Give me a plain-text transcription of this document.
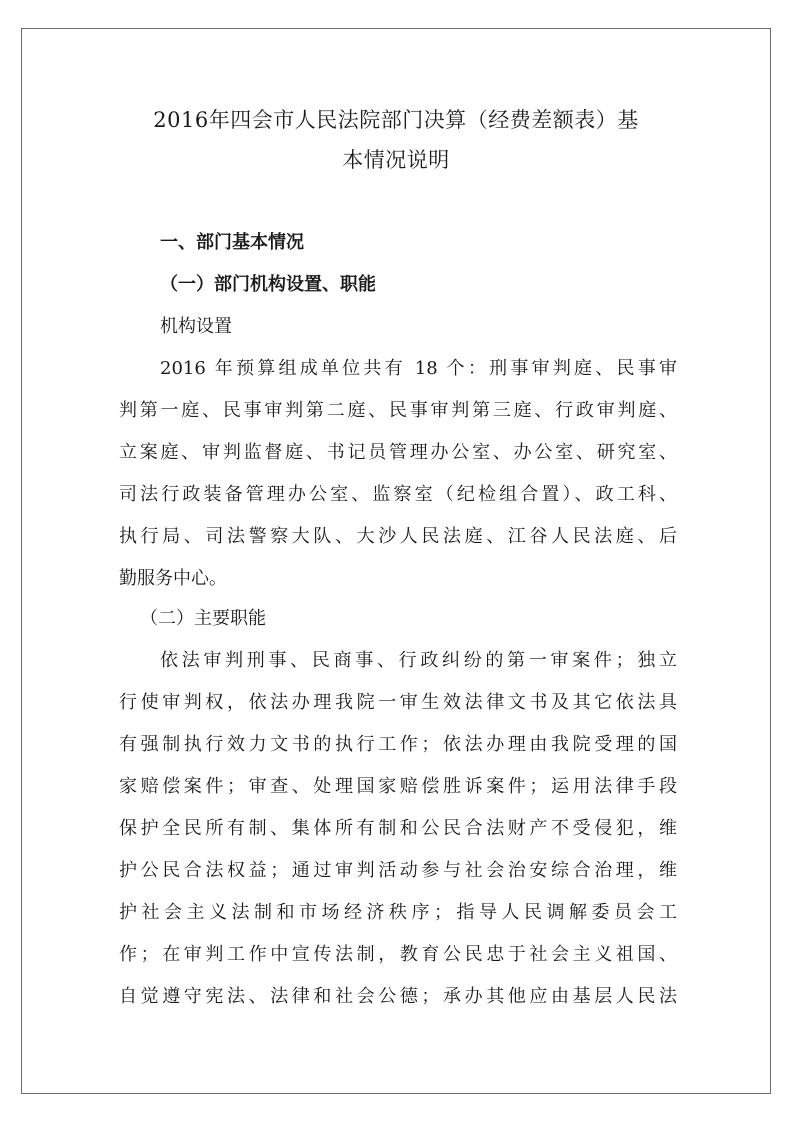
2016年四会市人民法院部门决算（经费差额表）基
本情况说明
一、部门基本情况
（一）部门机构设置、职能
机构设置
2016 年预算组成单位共有 18 个：刑事审判庭、民事审
判第一庭、民事审判第二庭、民事审判第三庭、行政审判庭、
立案庭、审判监督庭、书记员管理办公室、办公室、研究室、
司法行政装备管理办公室、监察室（纪检组合置）、政工科、
执行局、司法警察大队、大沙人民法庭、江谷人民法庭、后
勤服务中心。
（二）主要职能
依法审判刑事、民商事、行政纠纷的第一审案件；独立
行使审判权，依法办理我院一审生效法律文书及其它依法具
有强制执行效力文书的执行工作；依法办理由我院受理的国
家赔偿案件；审查、处理国家赔偿胜诉案件；运用法律手段
保护全民所有制、集体所有制和公民合法财产不受侵犯，维
护公民合法权益；通过审判活动参与社会治安综合治理，维
护社会主义法制和市场经济秩序；指导人民调解委员会工
作；在审判工作中宣传法制，教育公民忠于社会主义祖国、
自觉遵守宪法、法律和社会公德；承办其他应由基层人民法
